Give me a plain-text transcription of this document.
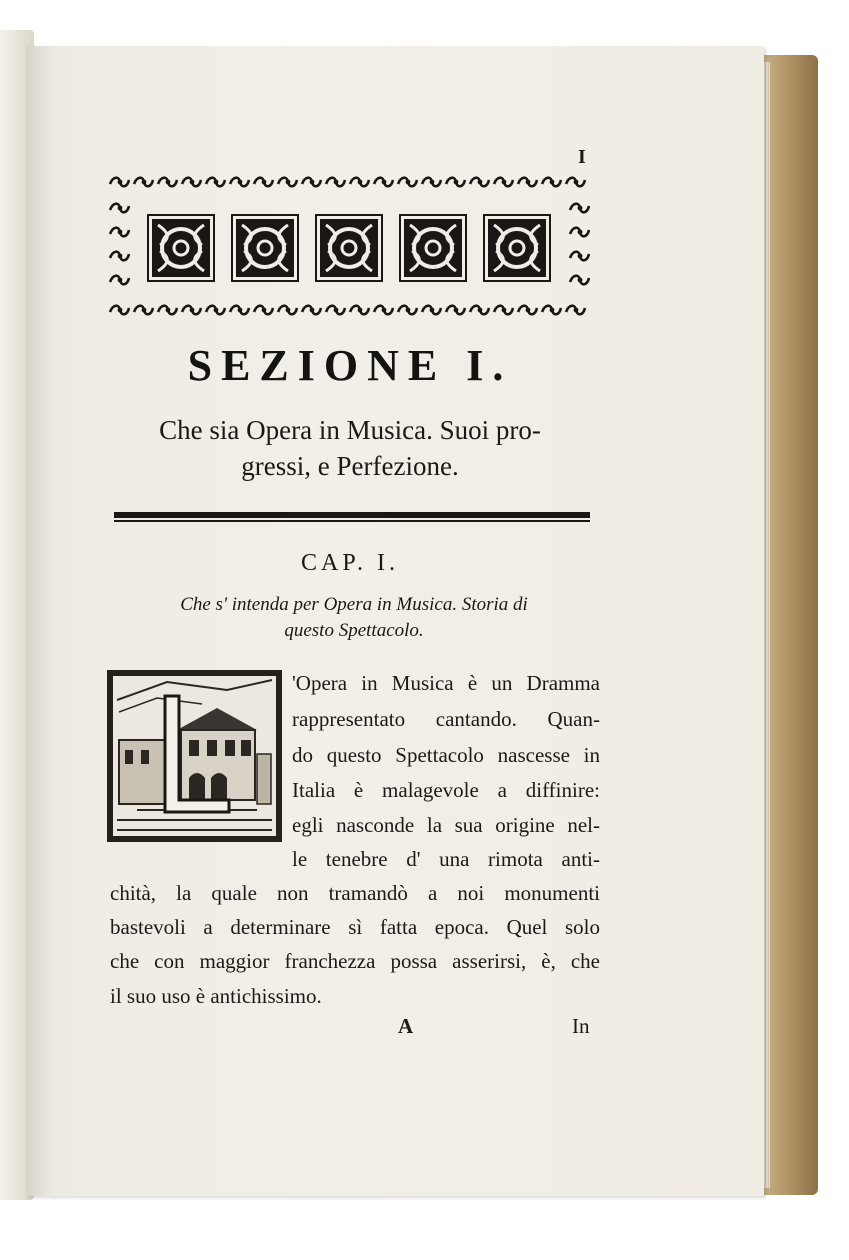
I
SEZIONE I.
Che sia Opera in Musica. Suoi pro-
gressi, e Perfezione.
CAP. I.
Che s' intenda per Opera in Musica. Storia di
questo Spettacolo.
'Opera in Musica è un Dramma
rappresentato cantando. Quan-
do questo Spettacolo nascesse in
Italia è malagevole a diffinire:
egli nasconde la sua origine nel-
le tenebre d' una rimota anti-
chità, la quale non tramandò a noi monumenti
bastevoli a determinare sì fatta epoca. Quel solo
che con maggior franchezza possa asserirsi, è, che
il suo uso è antichissimo.
A	In
